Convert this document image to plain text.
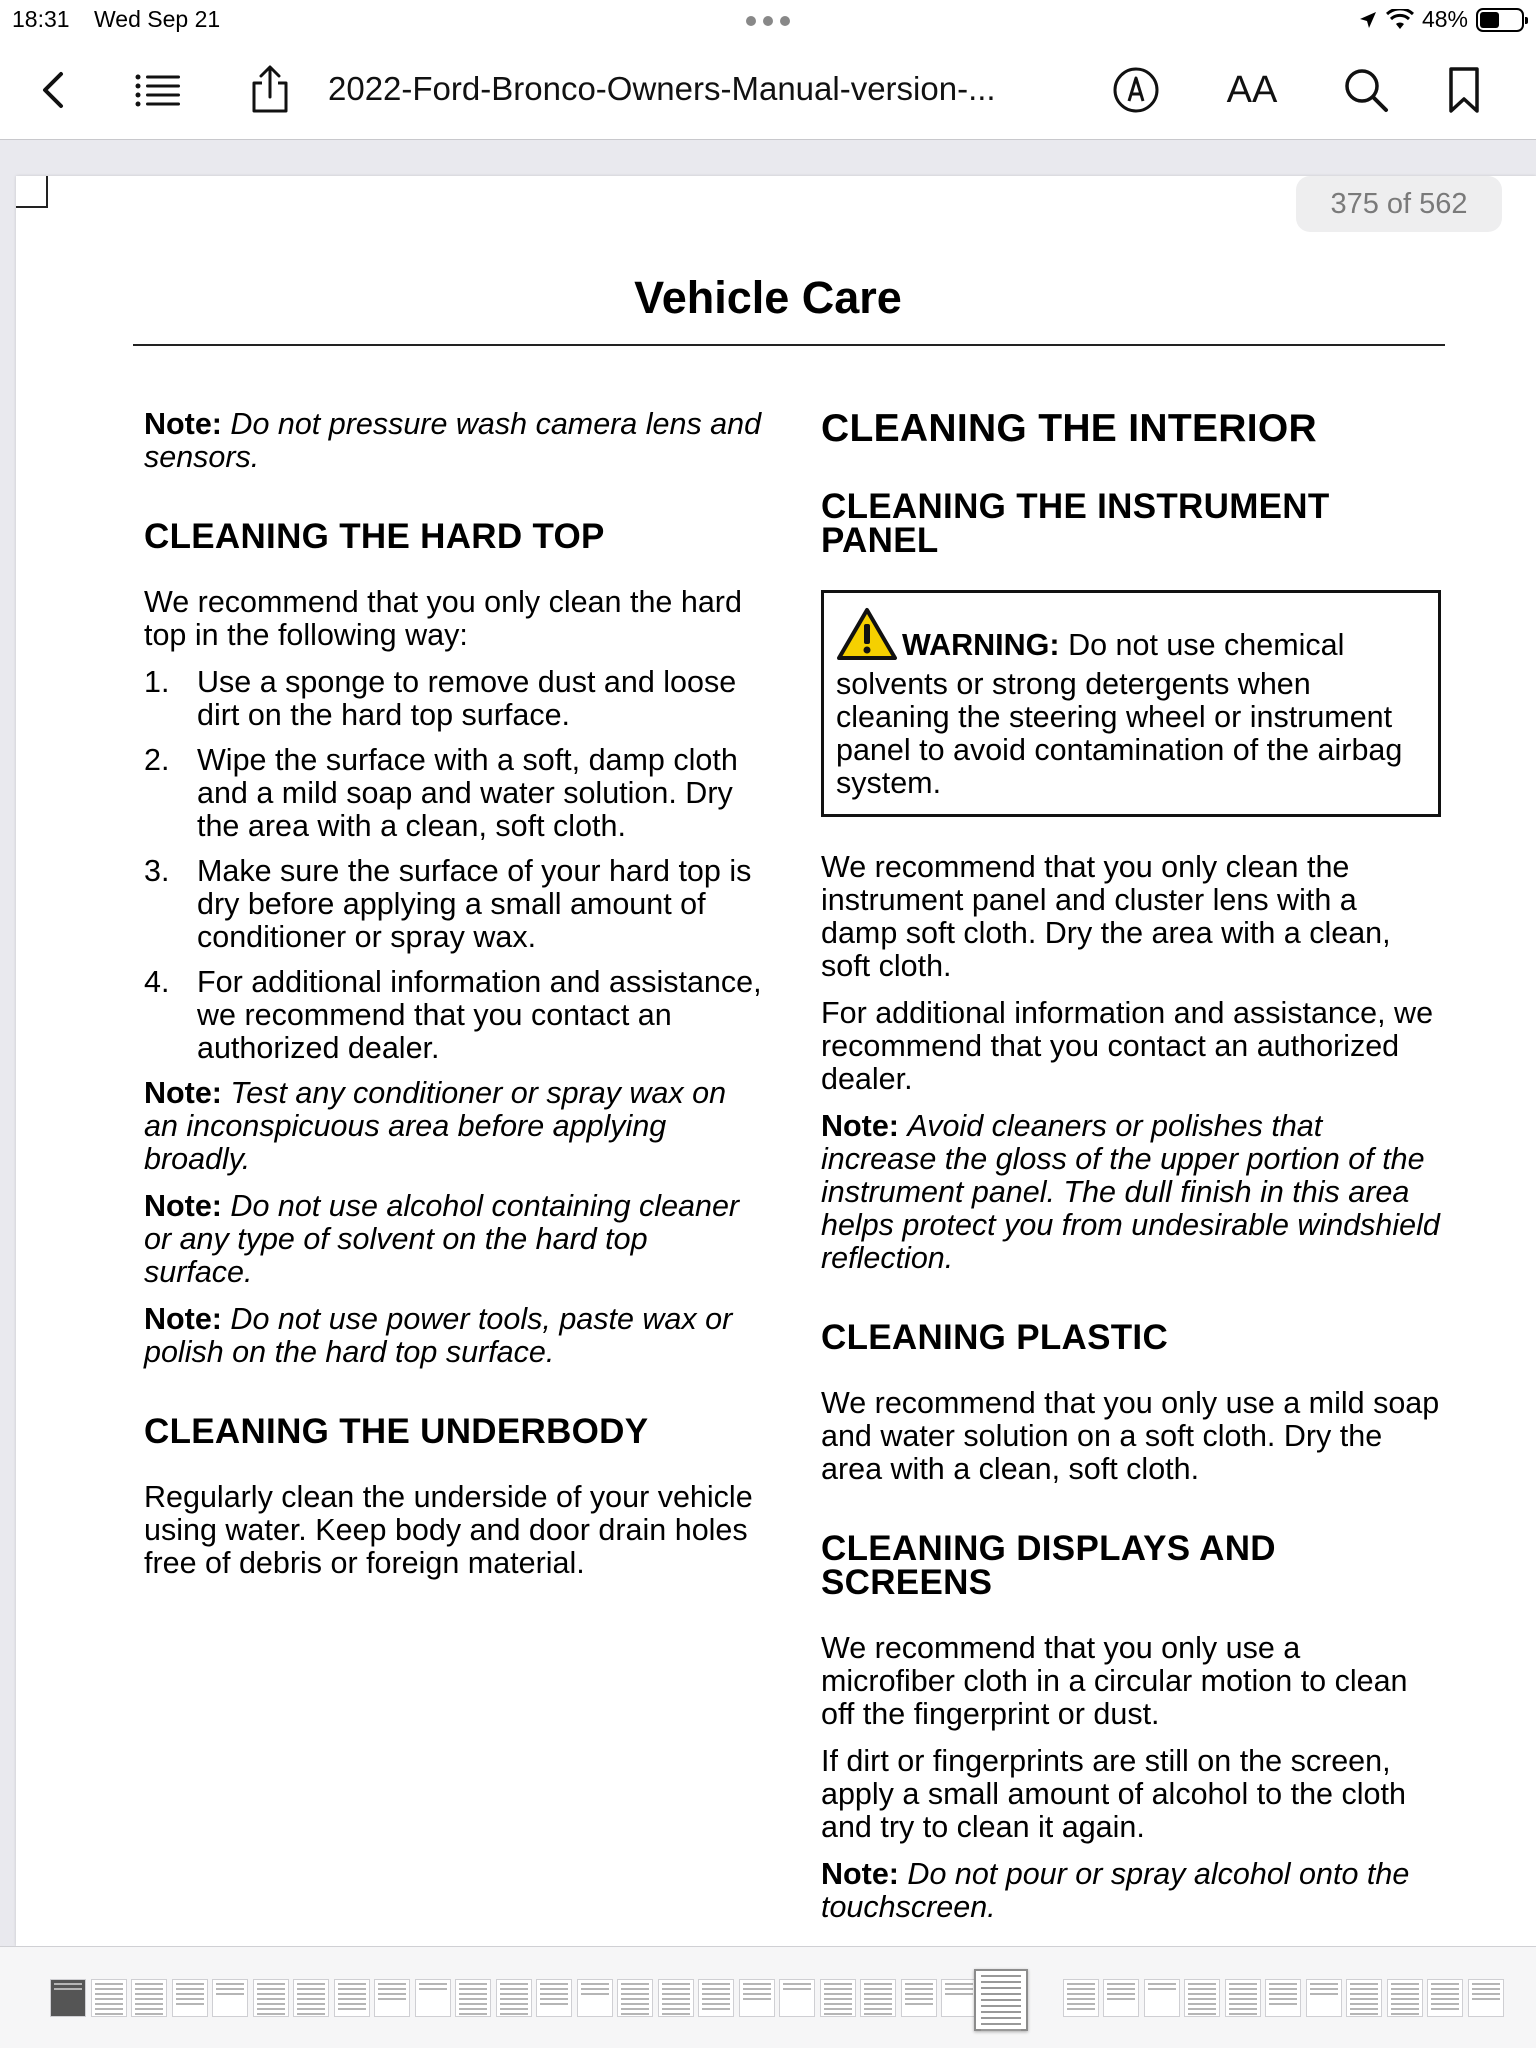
18:31 Wed Sep 21	48%
2022-Ford-Bronco-Owners-Manual-version-...	AA
375 of 562
Vehicle Care

Note: Do not pressure wash camera lens and sensors.

CLEANING THE HARD TOP

We recommend that you only clean the hard top in the following way:

1. Use a sponge to remove dust and loose dirt on the hard top surface.
2. Wipe the surface with a soft, damp cloth and a mild soap and water solution. Dry the area with a clean, soft cloth.
3. Make sure the surface of your hard top is dry before applying a small amount of conditioner or spray wax.
4. For additional information and assistance, we recommend that you contact an authorized dealer.

Note: Test any conditioner or spray wax on an inconspicuous area before applying broadly.

Note: Do not use alcohol containing cleaner or any type of solvent on the hard top surface.

Note: Do not use power tools, paste wax or polish on the hard top surface.

CLEANING THE UNDERBODY

Regularly clean the underside of your vehicle using water. Keep body and door drain holes free of debris or foreign material.

CLEANING THE INTERIOR
CLEANING THE INSTRUMENT PANEL
WARNING: Do not use chemical solvents or strong detergents when cleaning the steering wheel or instrument panel to avoid contamination of the airbag system.

We recommend that you only clean the instrument panel and cluster lens with a damp soft cloth. Dry the area with a clean, soft cloth.

For additional information and assistance, we recommend that you contact an authorized dealer.

Note: Avoid cleaners or polishes that increase the gloss of the upper portion of the instrument panel. The dull finish in this area helps protect you from undesirable windshield reflection.

CLEANING PLASTIC

We recommend that you only use a mild soap and water solution on a soft cloth. Dry the area with a clean, soft cloth.

CLEANING DISPLAYS AND SCREENS

We recommend that you only use a microfiber cloth in a circular motion to clean off the fingerprint or dust.

If dirt or fingerprints are still on the screen, apply a small amount of alcohol to the cloth and try to clean it again.

Note: Do not pour or spray alcohol onto the touchscreen.
